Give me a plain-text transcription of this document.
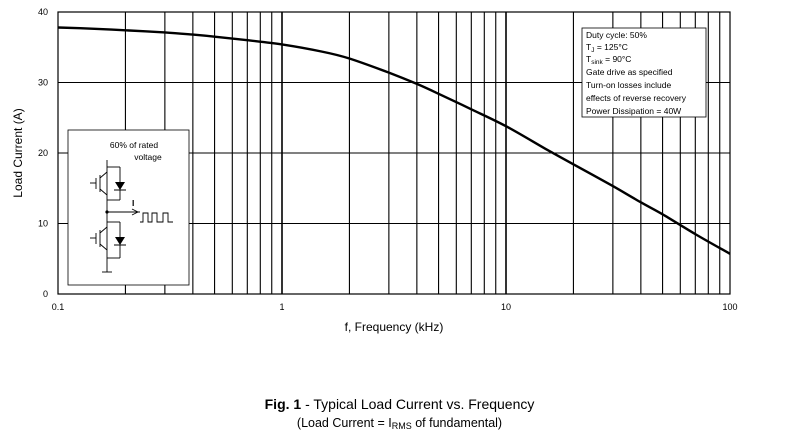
0.1	1	10	100
0
10
20
30
40
f, Frequency (kHz)
Load Current (A)
Duty cycle: 50%
$T_J = 125^\circ C$
$T_{sink} = 90^\circ C$
Gate drive as specified
Turn-on losses include
effects of reverse recovery
Power Dissipation = 40W
60% of rated
voltage
I
Fig. 1 - Typical Load Current vs. Frequency
(Load Current = $I_{RMS}$ of fundamental)
